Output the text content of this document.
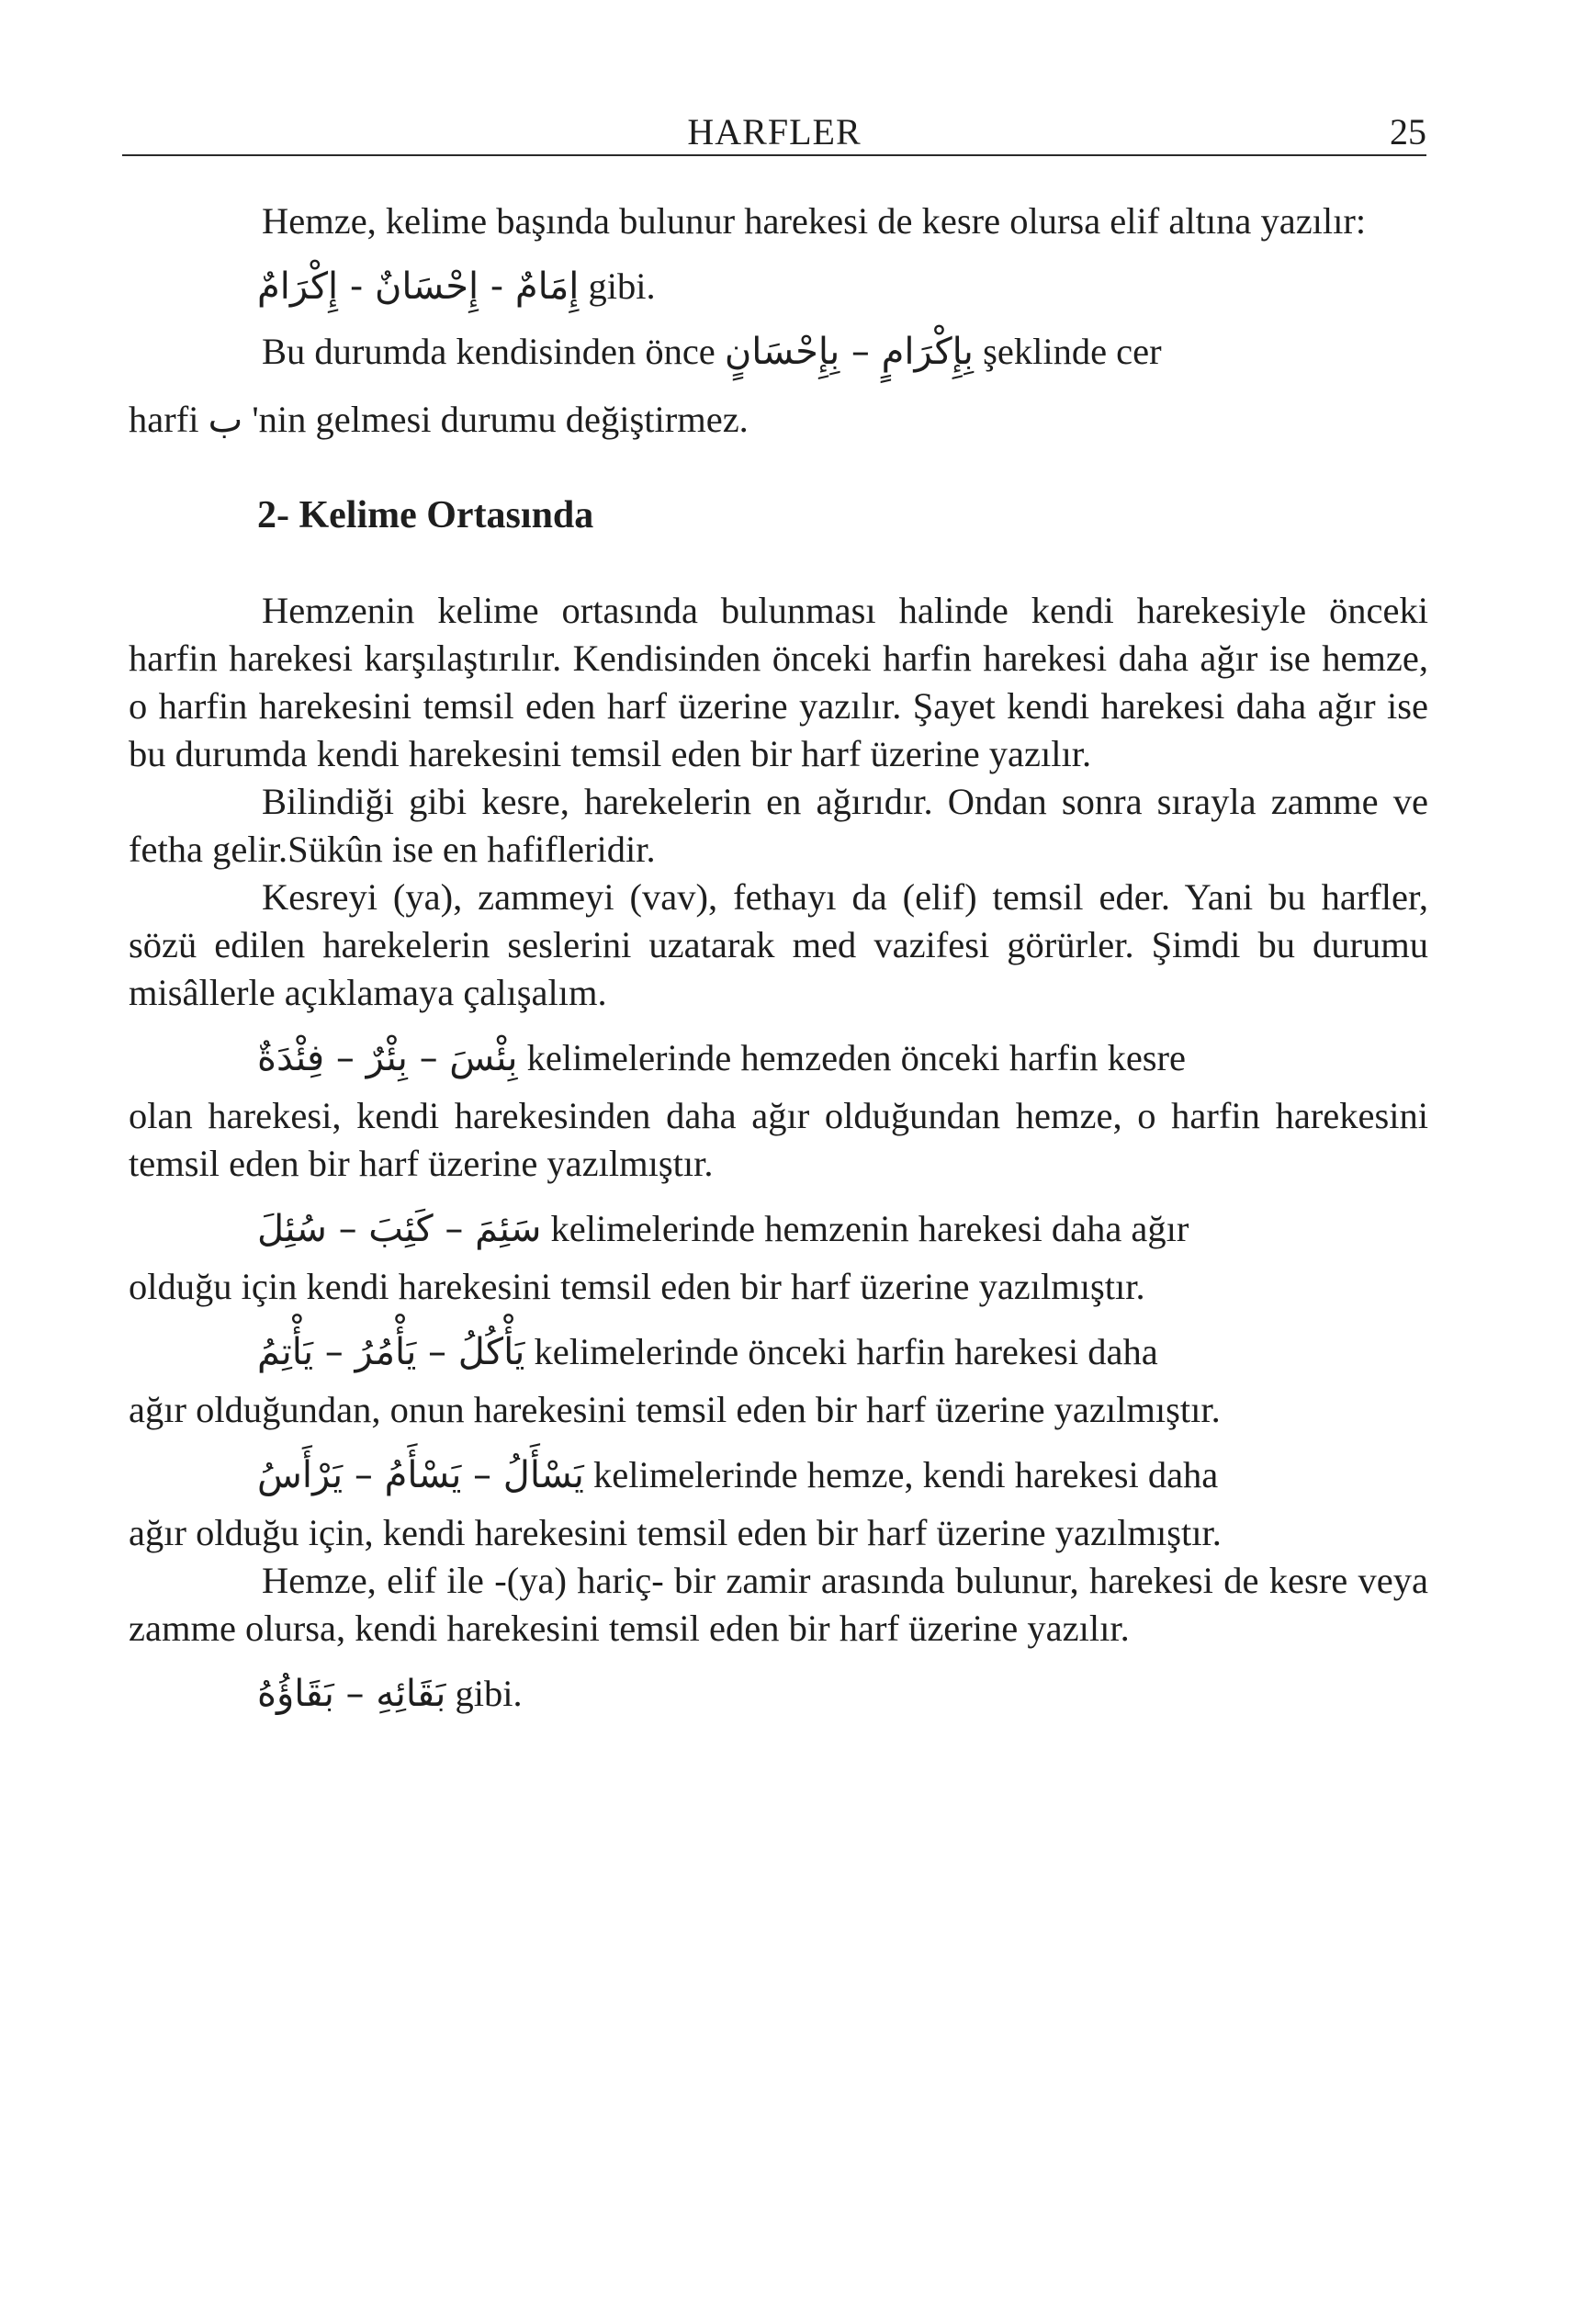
HARFLER	25

Hemze, kelime başında bulunur harekesi de kesre olursa elif altına yazılır:

إِمَامٌ - إِحْسَانٌ - إِكْرَامٌ gibi.

Bu durumda kendisinden önce بِإِكْرَامٍ – بِإِحْسَانٍ şeklinde cer

harfi ب 'nin gelmesi durumu değiştirmez.

2- Kelime Ortasında

Hemzenin kelime ortasında bulunması halinde kendi harekesiyle önceki harfin harekesi karşılaştırılır. Kendisinden önceki harfin harekesi daha ağır ise hemze, o harfin harekesini temsil eden harf üzerine yazılır. Şayet kendi harekesi daha ağır ise bu durumda kendi harekesini temsil eden bir harf üzerine yazılır.

Bilindiği gibi kesre, harekelerin en ağırıdır. Ondan sonra sırayla zamme ve fetha gelir.Sükûn ise en hafifleridir.

Kesreyi (ya), zammeyi (vav), fethayı da (elif) temsil eder. Yani bu harfler, sözü edilen harekelerin seslerini uzatarak med vazifesi görürler. Şimdi bu durumu misâllerle açıklamaya çalışalım.

بِئْسَ – بِئْرٌ – فِئْدَةٌ kelimelerinde hemzeden önceki harfin kesre

olan harekesi, kendi harekesinden daha ağır olduğundan hemze, o harfin harekesini temsil eden bir harf üzerine yazılmıştır.

سَئِمَ – كَئِبَ – سُئِلَ kelimelerinde hemzenin harekesi daha ağır

olduğu için kendi harekesini temsil eden bir harf üzerine yazılmıştır.

يَأْكُلُ – يَأْمُرُ – يَأْتِمُ kelimelerinde önceki harfin harekesi daha

ağır olduğundan, onun harekesini temsil eden bir harf üzerine yazılmıştır.

يَسْأَلُ – يَسْأَمُ – يَرْأَسُ kelimelerinde hemze, kendi harekesi daha

ağır olduğu için, kendi harekesini temsil eden bir harf üzerine yazılmıştır.

Hemze, elif ile -(ya) hariç- bir zamir arasında bulunur, harekesi de kesre veya zamme olursa, kendi harekesini temsil eden bir harf üzerine yazılır.

بَقَائِهِ – بَقَاؤُهُ gibi.
